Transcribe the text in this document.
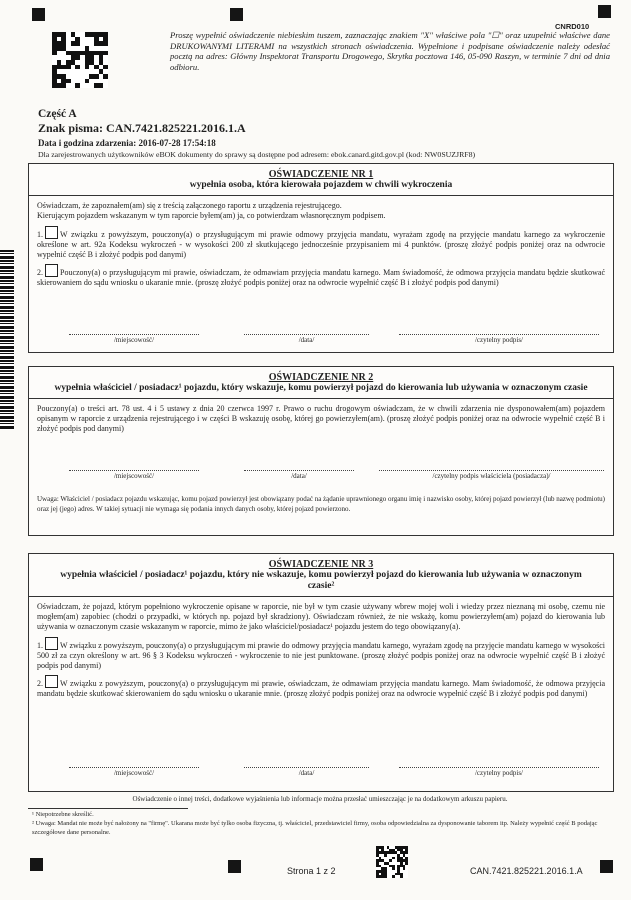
CNRD010
Proszę wypełnić oświadczenie niebieskim tuszem, zaznaczając znakiem "X" właściwe pola "☐" oraz uzupełnić właściwe dane DRUKOWANYMI LITERAMI na wszystkich stronach oświadczenia. Wypełnione i podpisane oświadczenie należy odesłać pocztą na adres: Główny Inspektorat Transportu Drogowego, Skrytka pocztowa 146, 05-090 Raszyn, w terminie 7 dni od dnia odbioru.
Część A
Znak pisma: CAN.7421.825221.2016.1.A
Data i godzina zdarzenia: 2016-07-28 17:54:18
Dla zarejestrowanych użytkowników eBOK dokumenty do sprawy są dostępne pod adresem: ebok.canard.gitd.gov.pl (kod: NW0SUZJRF8)
OŚWIADCZENIE NR 1
wypełnia osoba, która kierowała pojazdem w chwili wykroczenia
Oświadczam, że zapoznałem(am) się z treścią załączonego raportu z urządzenia rejestrującego.
Kierującym pojazdem wskazanym w tym raporcie byłem(am) ja, co potwierdzam własnoręcznym podpisem.
1. W związku z powyższym, pouczony(a) o przysługującym mi prawie odmowy przyjęcia mandatu, wyrażam zgodę na przyjęcie mandatu karnego za wykroczenie określone w art. 92a Kodeksu wykroczeń - w wysokości 200 zł skutkującego jednocześnie przypisaniem mi 4 punktów. (proszę złożyć podpis poniżej oraz na odwrocie wypełnić część B i złożyć podpis pod danymi)
2. Pouczony(a) o przysługującym mi prawie, oświadczam, że odmawiam przyjęcia mandatu karnego. Mam świadomość, że odmowa przyjęcia mandatu będzie skutkować skierowaniem do sądu wniosku o ukaranie mnie. (proszę złożyć podpis poniżej oraz na odwrocie wypełnić część B i złożyć podpis pod danymi)
/miejscowość/	/data/	/czytelny podpis/
OŚWIADCZENIE NR 2
wypełnia właściciel / posiadacz¹ pojazdu, który wskazuje, komu powierzył pojazd do kierowania lub używania w oznaczonym czasie
Pouczony(a) o treści art. 78 ust. 4 i 5 ustawy z dnia 20 czerwca 1997 r. Prawo o ruchu drogowym oświadczam, że w chwili zdarzenia nie dysponowałem(am) pojazdem opisanym w raporcie z urządzenia rejestrującego i w części B wskazuję osobę, której go powierzyłem(am). (proszę złożyć podpis poniżej oraz na odwrocie wypełnić część B i złożyć podpis pod danymi)
/miejscowość/	/data/	/czytelny podpis właściciela (posiadacza)/
Uwaga: Właściciel / posiadacz pojazdu wskazując, komu pojazd powierzył jest obowiązany podać na żądanie uprawnionego organu imię i nazwisko osoby, której pojazd powierzył (lub nazwę podmiotu) oraz jej (jego) adres. W takiej sytuacji nie wymaga się podania innych danych osoby, której pojazd powierzono.
OŚWIADCZENIE NR 3
wypełnia właściciel / posiadacz¹ pojazdu, który nie wskazuje, komu powierzył pojazd do kierowania lub używania w oznaczonym czasie²
Oświadczam, że pojazd, którym popełniono wykroczenie opisane w raporcie, nie był w tym czasie używany wbrew mojej woli i wiedzy przez nieznaną mi osobę, czemu nie mogłem(am) zapobiec (chodzi o przypadki, w których np. pojazd był skradziony). Oświadczam również, że nie wskażę, komu powierzyłem(am) pojazd do kierowania lub używania w oznaczonym czasie wskazanym w raporcie, mimo że jako właściciel/posiadacz¹ pojazdu jestem do tego obowiązany(a).
1. W związku z powyższym, pouczony(a) o przysługującym mi prawie do odmowy przyjęcia mandatu karnego, wyrażam zgodę na przyjęcie mandatu karnego w wysokości 500 zł za czyn określony w art. 96 § 3 Kodeksu wykroczeń - wykroczenie to nie jest punktowane. (proszę złożyć podpis poniżej oraz na odwrocie wypełnić część B i złożyć podpis pod danymi)
2. W związku z powyższym, pouczony(a) o przysługującym mi prawie, oświadczam, że odmawiam przyjęcia mandatu karnego. Mam świadomość, że odmowa przyjęcia mandatu będzie skutkować skierowaniem do sądu wniosku o ukaranie mnie. (proszę złożyć podpis poniżej oraz na odwrocie wypełnić część B i złożyć podpis pod danymi)
/miejscowość/	/data/	/czytelny podpis/
Oświadczenie o innej treści, dodatkowe wyjaśnienia lub informacje można przesłać umieszczając je na dodatkowym arkuszu papieru.
¹ Niepotrzebne skreślić.
² Uwaga: Mandat nie może być nałożony na "firmę". Ukarana może być tylko osoba fizyczna, tj. właściciel, przedstawiciel firmy, osoba odpowiedzialna za dysponowanie taborem itp. Należy wypełnić część B podając szczegółowe dane personalne.
Strona 1 z 2	CAN.7421.825221.2016.1.A
